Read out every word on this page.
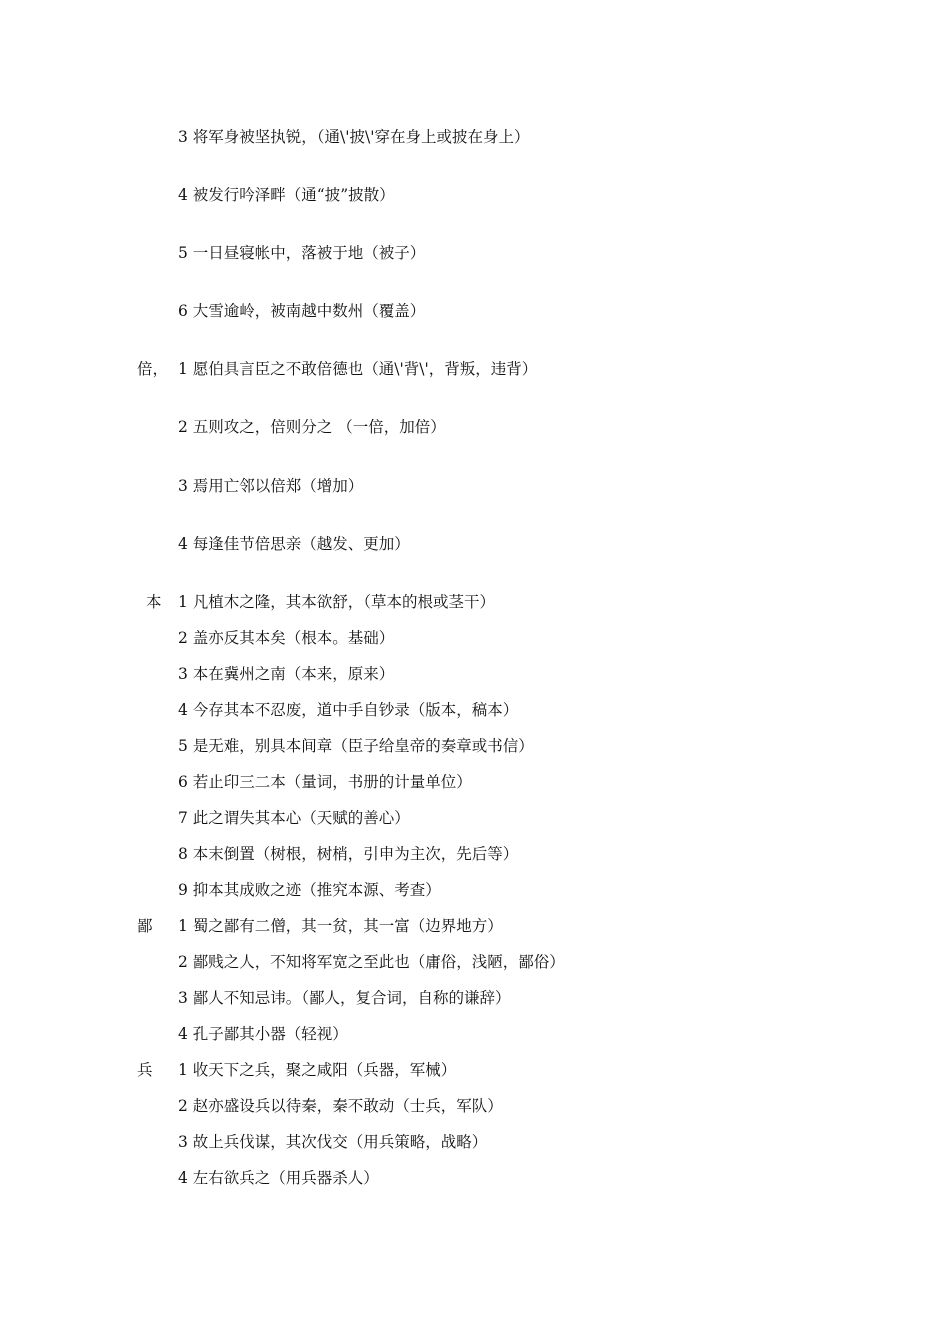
3 将军身被坚执锐，（通\'披\'穿在身上或披在身上）
4 被发行吟泽畔（通“披”披散）
5 一日昼寝帐中，落被于地（被子）
6 大雪逾岭，被南越中数州（覆盖）
倍， 1 愿伯具言臣之不敢倍德也（通\'背\'，背叛，违背）
2 五则攻之，倍则分之 （一倍，加倍）
3 焉用亡邻以倍郑（增加）
4 每逢佳节倍思亲（越发、更加）
本 1 凡植木之隆，其本欲舒，（草本的根或茎干）
2 盖亦反其本矣（根本。基础）
3 本在冀州之南（本来，原来）
4 今存其本不忍废，道中手自钞录（版本，稿本）
5 是无难，别具本间章（臣子给皇帝的奏章或书信）
6 若止印三二本（量词，书册的计量单位）
7 此之谓失其本心（天赋的善心）
8 本末倒置（树根，树梢，引申为主次，先后等）
9 抑本其成败之迹（推究本源、考查）
鄙 1 蜀之鄙有二僧，其一贫，其一富（边界地方）
2 鄙贱之人，不知将军宽之至此也（庸俗，浅陋，鄙俗）
3 鄙人不知忌讳。（鄙人，复合词，自称的谦辞）
4 孔子鄙其小器（轻视）
兵 1 收天下之兵，聚之咸阳（兵器，军械）
2 赵亦盛设兵以待秦，秦不敢动（士兵，军队）
3 故上兵伐谋，其次伐交（用兵策略，战略）
4 左右欲兵之（用兵器杀人）
